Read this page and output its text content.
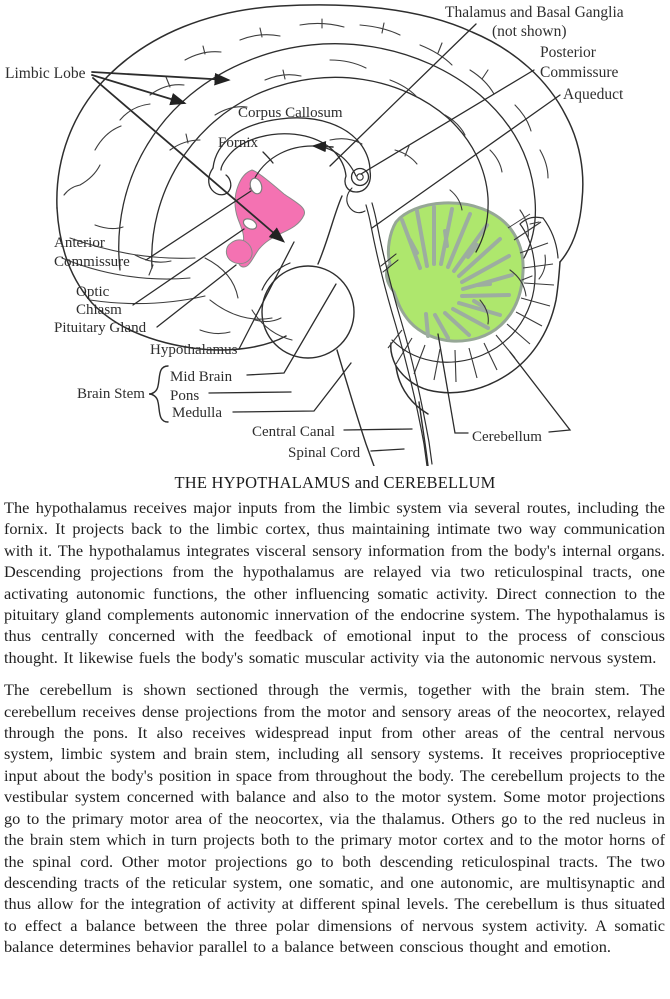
Thalamus and Basal Ganglia
(not shown)
Posterior
Commissure
Aqueduct
Limbic Lobe
Corpus Callosum
Fornix
Anterior
Commissure
Optic
Chiasm
Pituitary Gland
Hypothalamus
Brain Stem
Mid Brain
Pons
Medulla
Central Canal
Spinal Cord
Cerebellum
THE HYPOTHALAMUS and CEREBELLUM

The hypothalamus receives major inputs from the limbic system via several routes, including the fornix. It projects back to the limbic cortex, thus maintaining intimate two way communication with it. The hypothalamus integrates visceral sensory information from the body's internal organs. Descending projections from the hypothalamus are relayed via two reticulospinal tracts, one activating autonomic functions, the other influencing somatic activity. Direct connection to the pituitary gland complements autonomic innervation of the endocrine system. The hypothalamus is thus centrally concerned with the feedback of emotional input to the process of conscious thought. It likewise fuels the body's somatic muscular activity via the autonomic nervous system.

The cerebellum is shown sectioned through the vermis, together with the brain stem. The cerebellum receives dense projections from the motor and sensory areas of the neocortex, relayed through the pons. It also receives widespread input from other areas of the central nervous system, limbic system and brain stem, including all sensory systems. It receives proprioceptive input about the body's position in space from throughout the body. The cerebellum projects to the vestibular system concerned with balance and also to the motor system. Some motor projections go to the primary motor area of the neocortex, via the thalamus. Others go to the red nucleus in the brain stem which in turn projects both to the primary motor cortex and to the motor horns of the spinal cord. Other motor projections go to both descending reticulospinal tracts. The two descending tracts of the reticular system, one somatic, and one autonomic, are multisynaptic and thus allow for the integration of activity at different spinal levels. The cerebellum is thus situated to effect a balance between the three polar dimensions of nervous system activity. A somatic balance determines behavior parallel to a balance between conscious thought and emotion.
